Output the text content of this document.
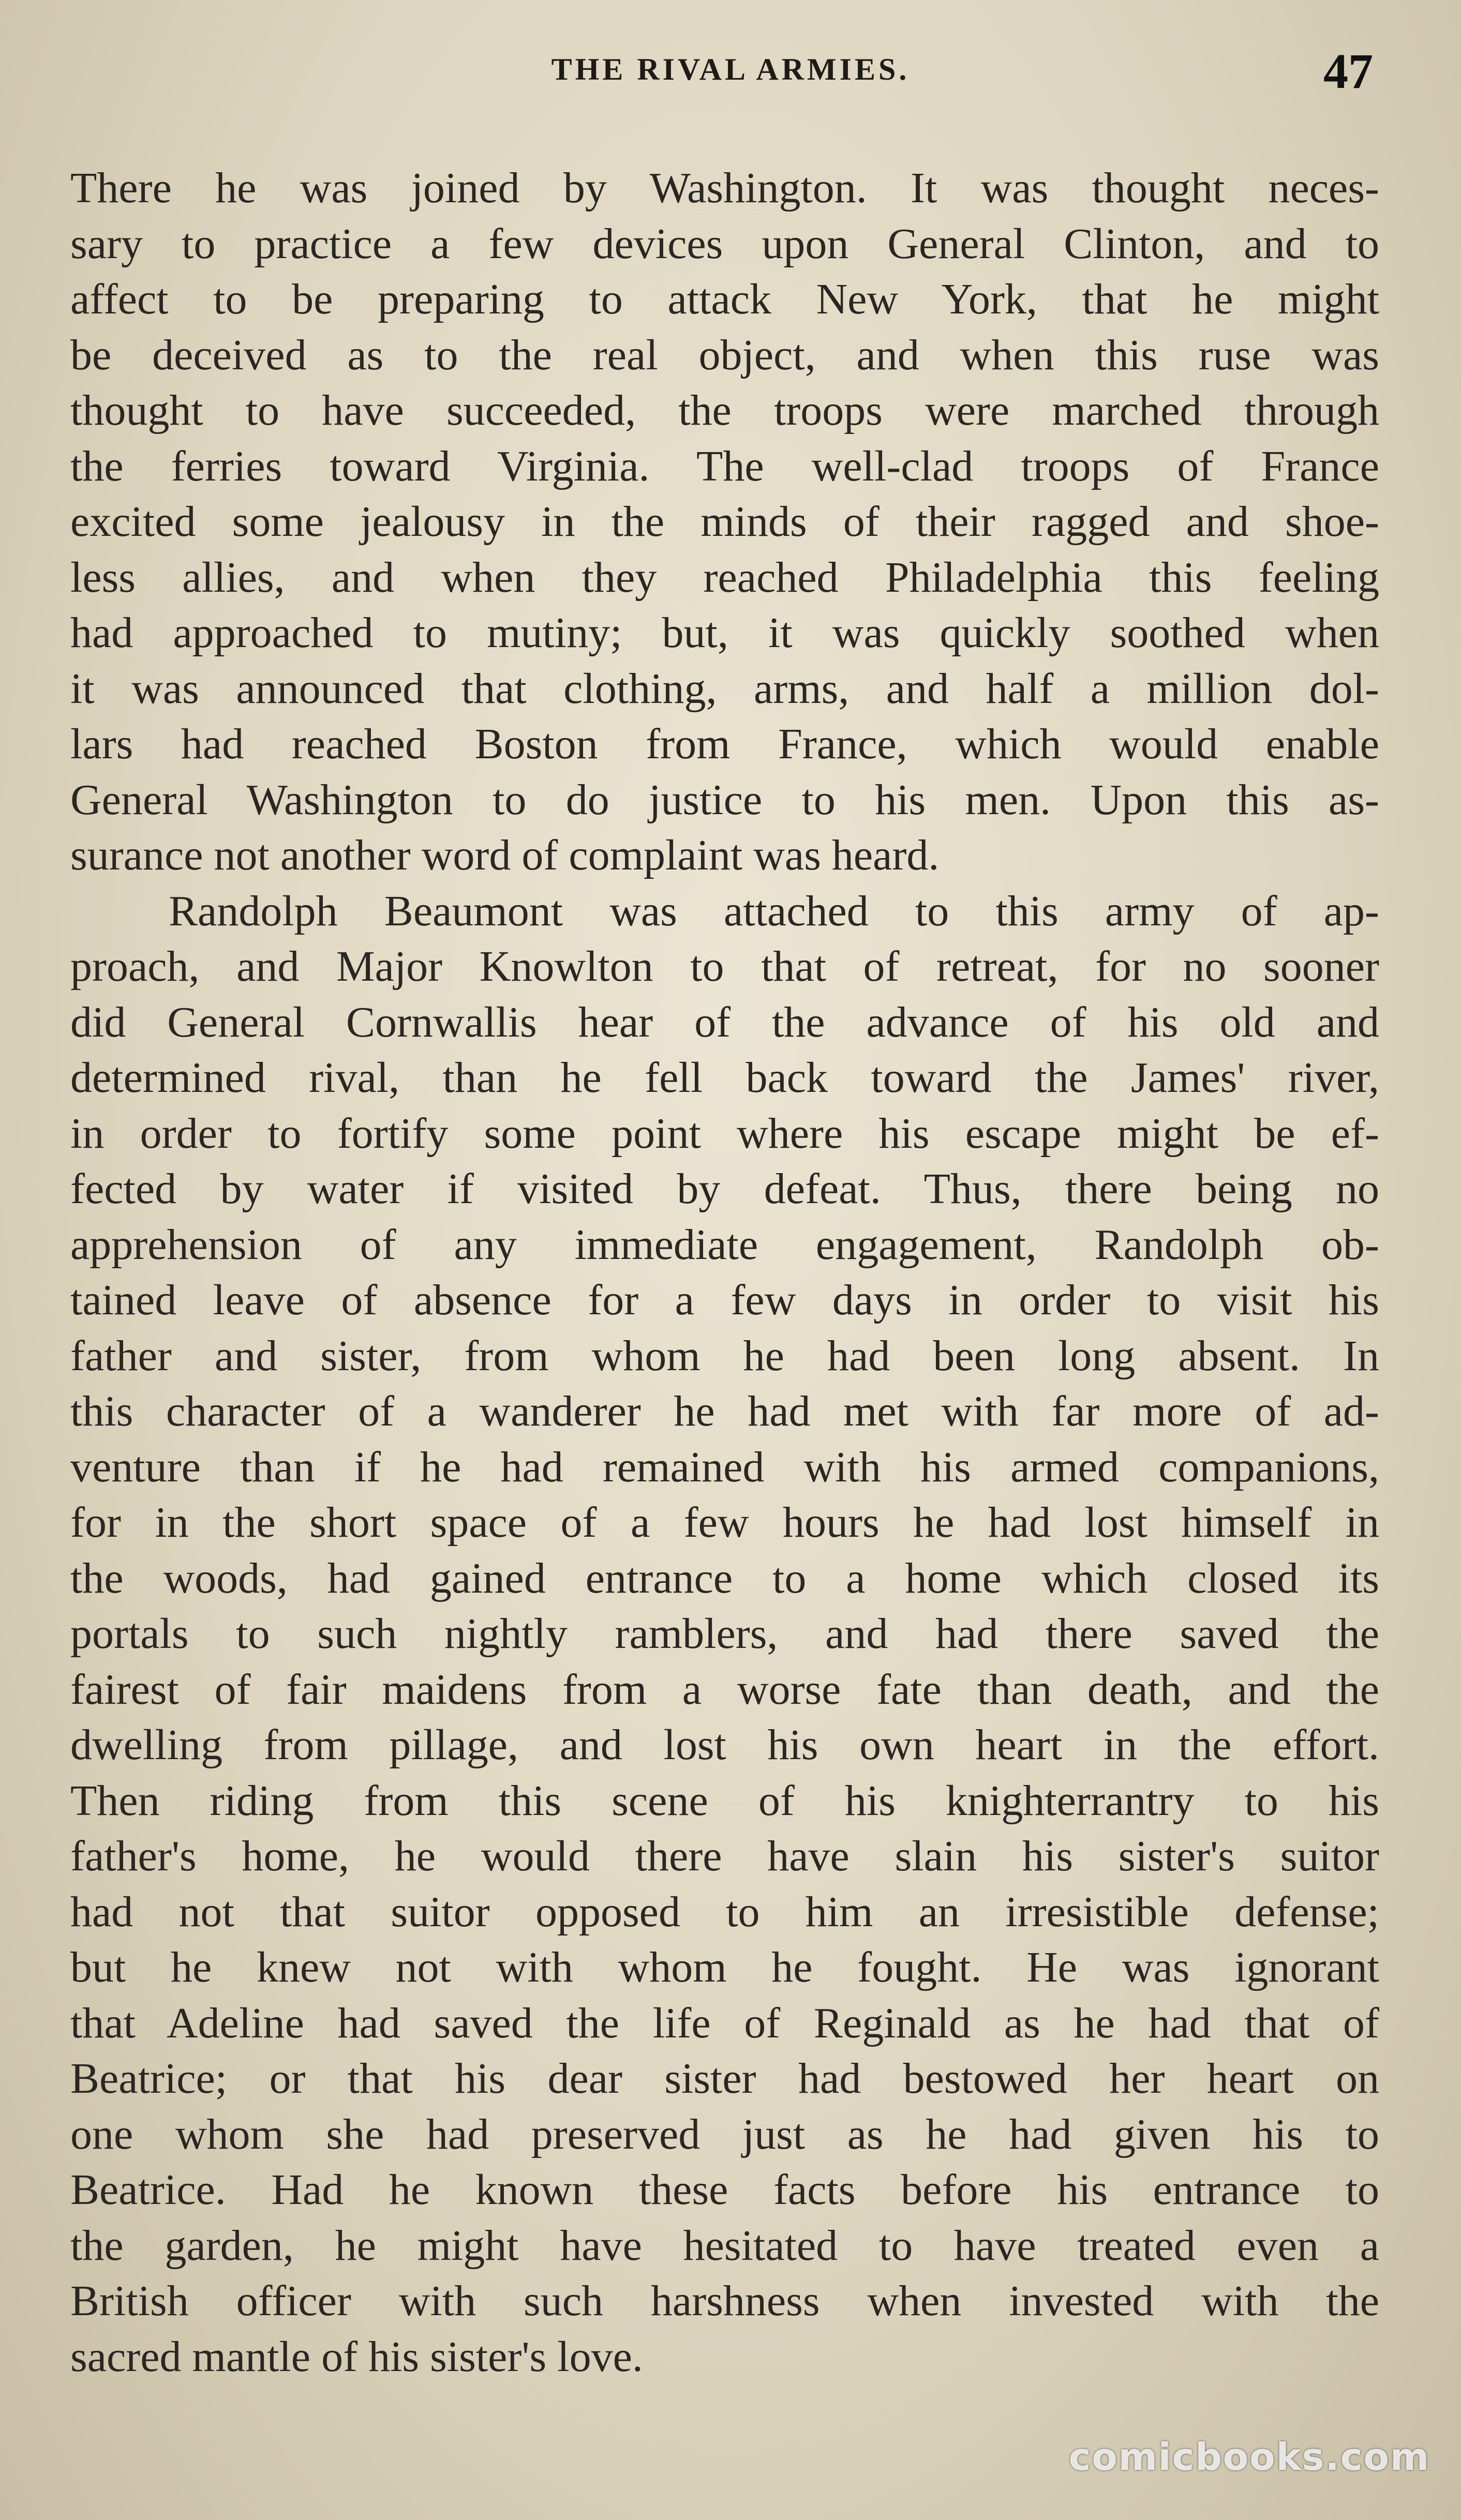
THE RIVAL ARMIES.	47
There he was joined by Washington. It was thought neces-
sary to practice a few devices upon General Clinton, and to
affect to be preparing to attack New York, that he might
be deceived as to the real object, and when this ruse was
thought to have succeeded, the troops were marched through
the ferries toward Virginia. The well-clad troops of France
excited some jealousy in the minds of their ragged and shoe-
less allies, and when they reached Philadelphia this feeling
had approached to mutiny; but, it was quickly soothed when
it was announced that clothing, arms, and half a million dol-
lars had reached Boston from France, which would enable
General Washington to do justice to his men. Upon this as-
surance not another word of complaint was heard.
Randolph Beaumont was attached to this army of ap-
proach, and Major Knowlton to that of retreat, for no sooner
did General Cornwallis hear of the advance of his old and
determined rival, than he fell back toward the James' river,
in order to fortify some point where his escape might be ef-
fected by water if visited by defeat. Thus, there being no
apprehension of any immediate engagement, Randolph ob-
tained leave of absence for a few days in order to visit his
father and sister, from whom he had been long absent. In
this character of a wanderer he had met with far more of ad-
venture than if he had remained with his armed companions,
for in the short space of a few hours he had lost himself in
the woods, had gained entrance to a home which closed its
portals to such nightly ramblers, and had there saved the
fairest of fair maidens from a worse fate than death, and the
dwelling from pillage, and lost his own heart in the effort.
Then riding from this scene of his knighterrantry to his
father's home, he would there have slain his sister's suitor
had not that suitor opposed to him an irresistible defense;
but he knew not with whom he fought. He was ignorant
that Adeline had saved the life of Reginald as he had that of
Beatrice; or that his dear sister had bestowed her heart on
one whom she had preserved just as he had given his to
Beatrice. Had he known these facts before his entrance to
the garden, he might have hesitated to have treated even a
British officer with such harshness when invested with the
sacred mantle of his sister's love.
comicbooks.com
